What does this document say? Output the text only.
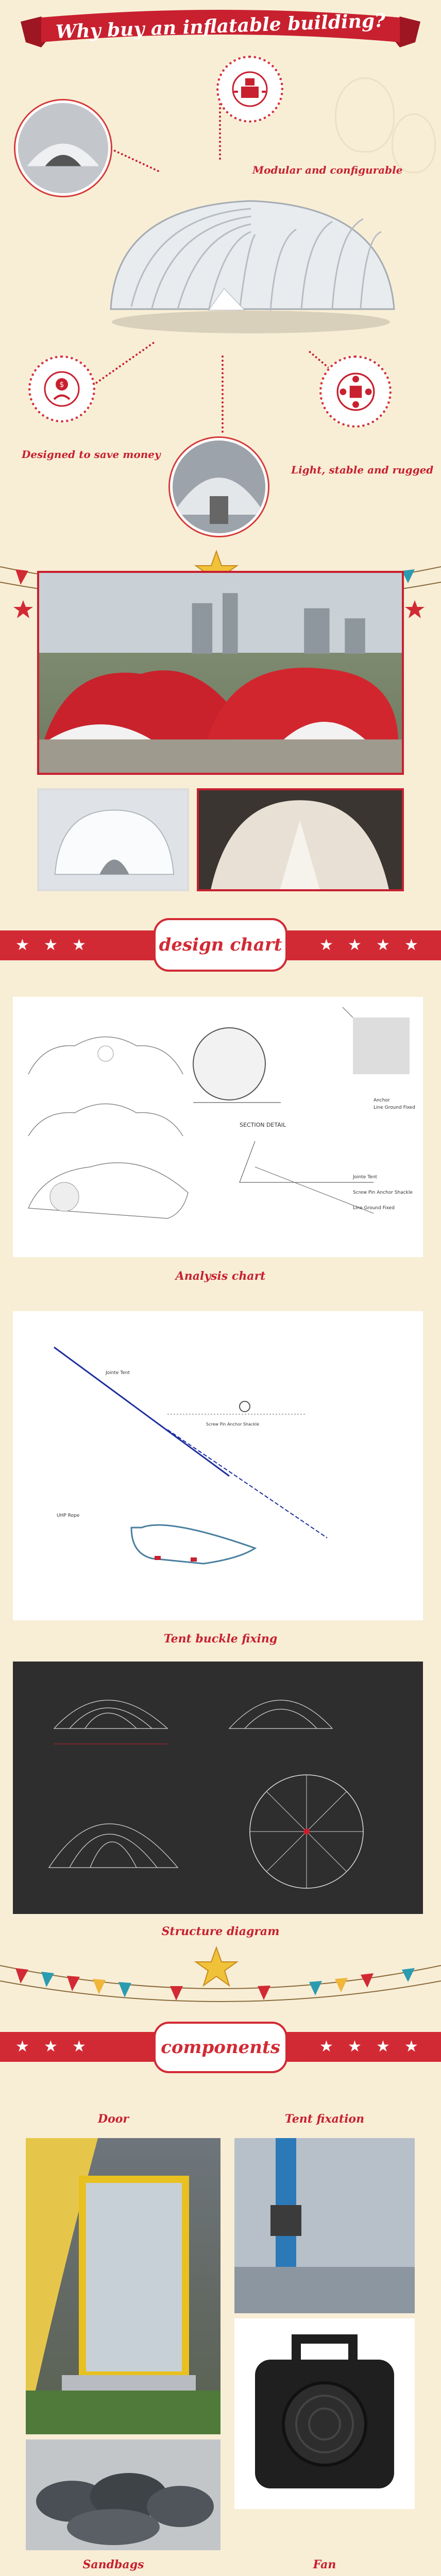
Why buy an inflatable building?
Modular and configurable
$
Designed to save money
Light, stable and rugged
★ ★ ★	★ ★ ★ ★
design chart
SECTION DETAIL
Anchor
Line Ground Fixed
Jointe Tent
Screw Pin Anchor Shackle
Line Ground Fixed
Analysis chart
Jointe Tent
Screw Pin Anchor Shackle
UHP Rope
Tent buckle fixing
Structure diagram
★ ★ ★	★ ★ ★ ★
components
Door	Tent fixation
Sandbags	Fan
